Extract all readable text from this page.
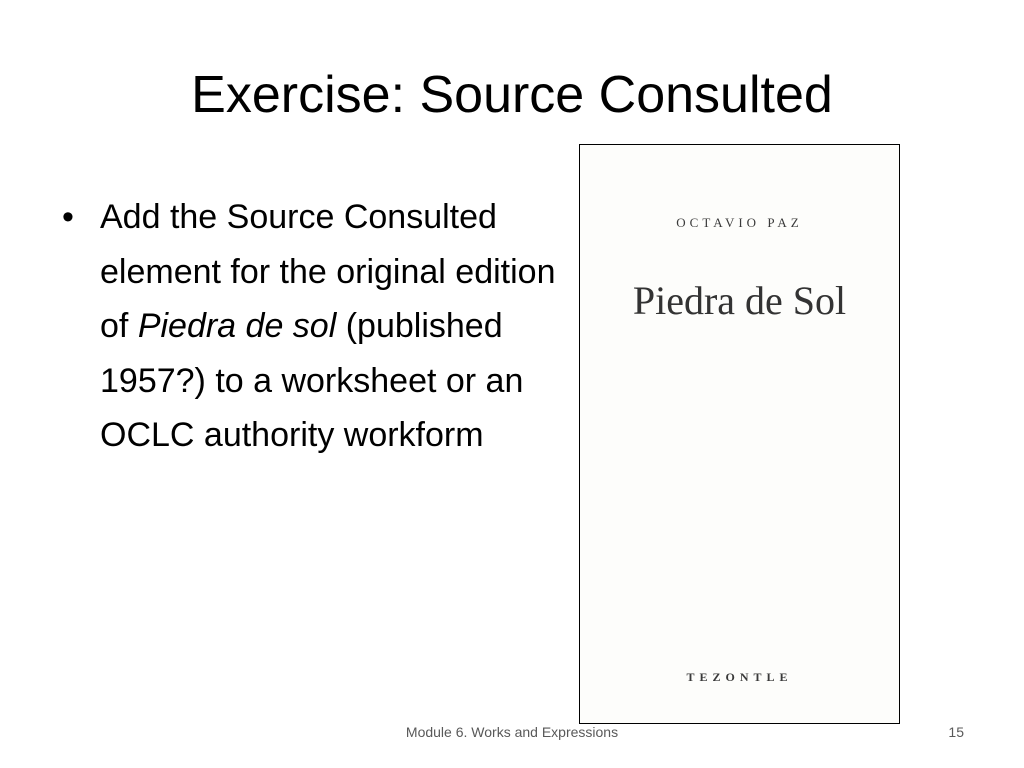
Exercise: Source Consulted
• Add the Source Consulted element for the original edition of Piedra de sol (published 1957?) to a worksheet or an OCLC authority workform
OCTAVIO PAZ
Piedra de Sol
TEZONTLE
Module 6. Works and Expressions	15
